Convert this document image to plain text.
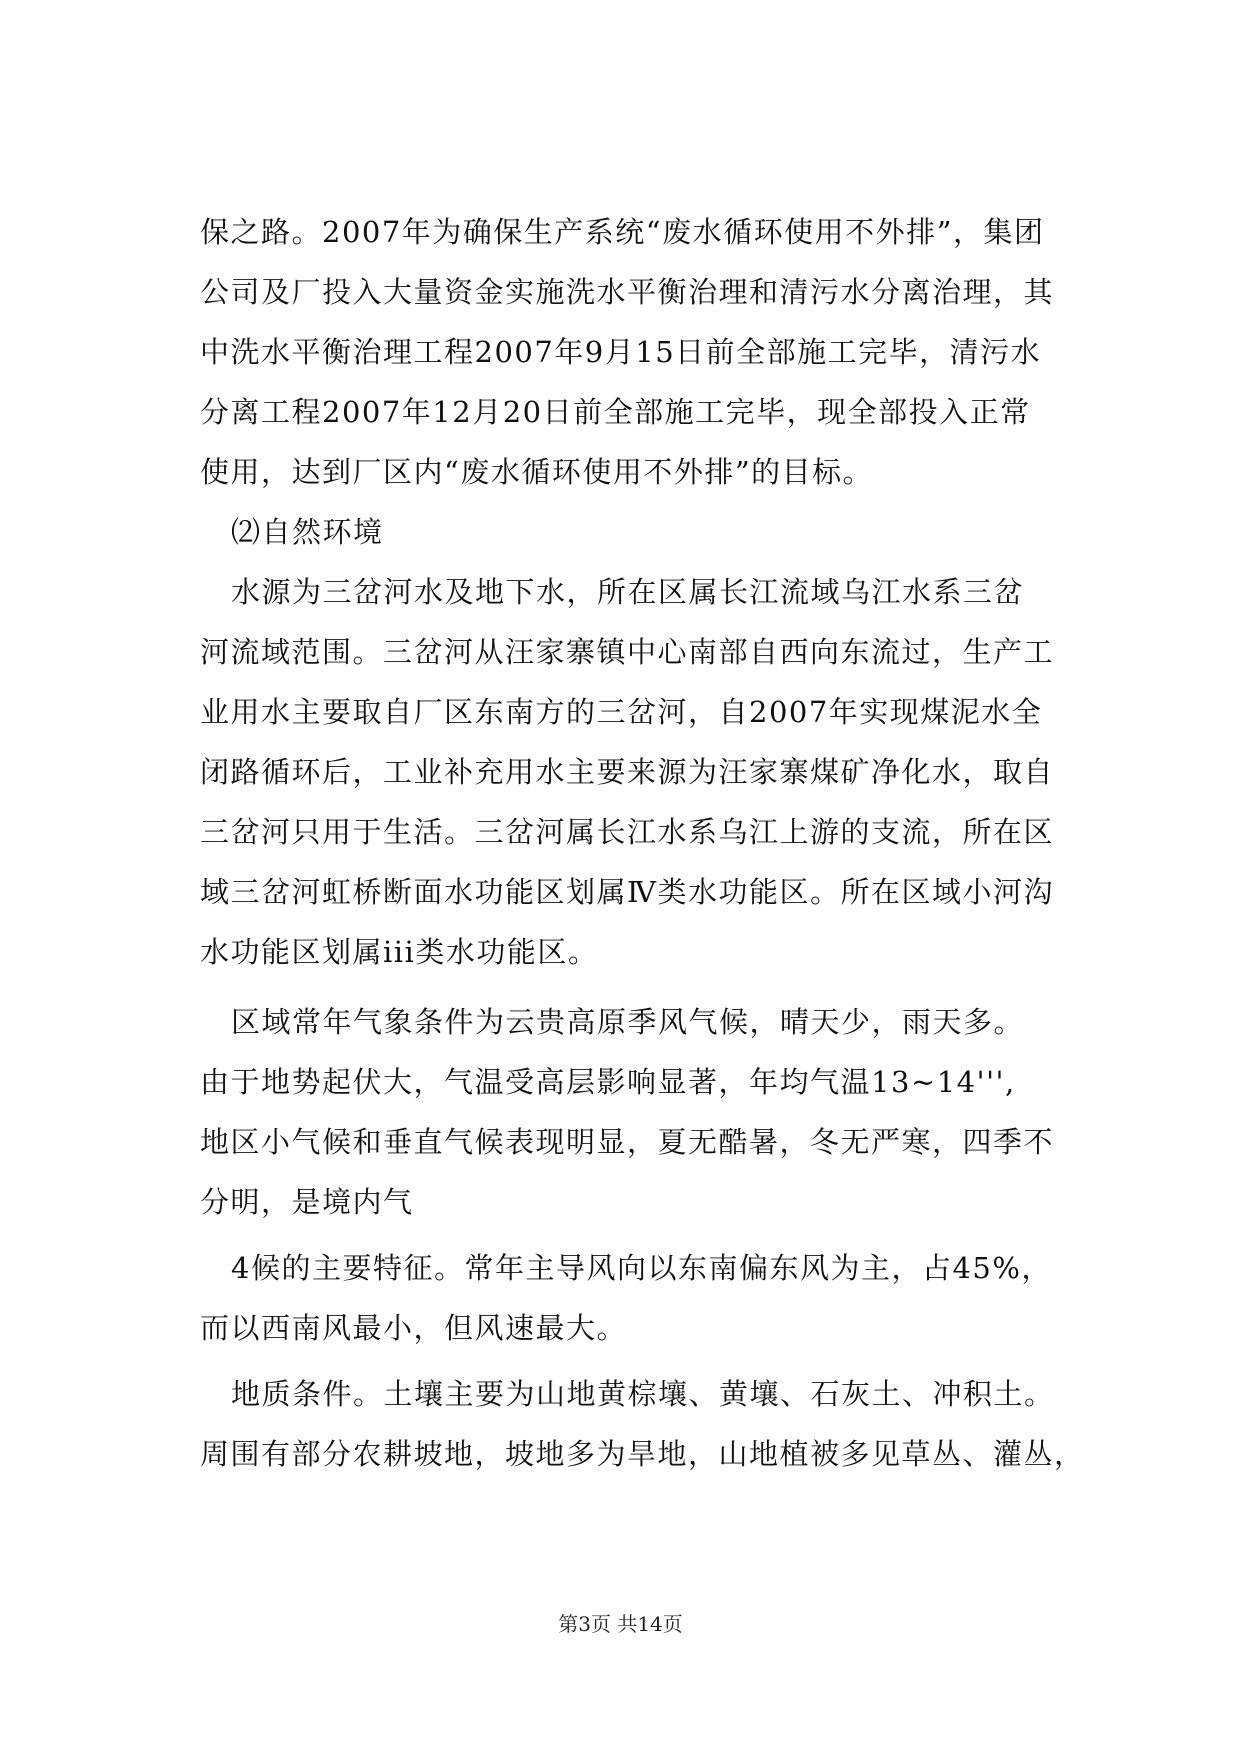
保之路。2007年为确保生产系统“废水循环使用不外排”，集团
公司及厂投入大量资金实施洗水平衡治理和清污水分离治理，其
中洗水平衡治理工程2007年9月15日前全部施工完毕，清污水
分离工程2007年12月20日前全部施工完毕，现全部投入正常
使用，达到厂区内“废水循环使用不外排”的目标。
⑵自然环境
水源为三岔河水及地下水，所在区属长江流域乌江水系三岔
河流域范围。三岔河从汪家寨镇中心南部自西向东流过，生产工
业用水主要取自厂区东南方的三岔河，自2007年实现煤泥水全
闭路循环后，工业补充用水主要来源为汪家寨煤矿净化水，取自
三岔河只用于生活。三岔河属长江水系乌江上游的支流，所在区
域三岔河虹桥断面水功能区划属Ⅳ类水功能区。所在区域小河沟
水功能区划属iii类水功能区。
区域常年气象条件为云贵高原季风气候，晴天少，雨天多。
由于地势起伏大，气温受高层影响显著，年均气温13~14''',
地区小气候和垂直气候表现明显，夏无酷暑，冬无严寒，四季不
分明，是境内气
4候的主要特征。常年主导风向以东南偏东风为主，占45%，
而以西南风最小，但风速最大。
地质条件。土壤主要为山地黄棕壤、黄壤、石灰土、冲积土。
周围有部分农耕坡地，坡地多为旱地，山地植被多见草丛、灌丛，
第3页 共14页
